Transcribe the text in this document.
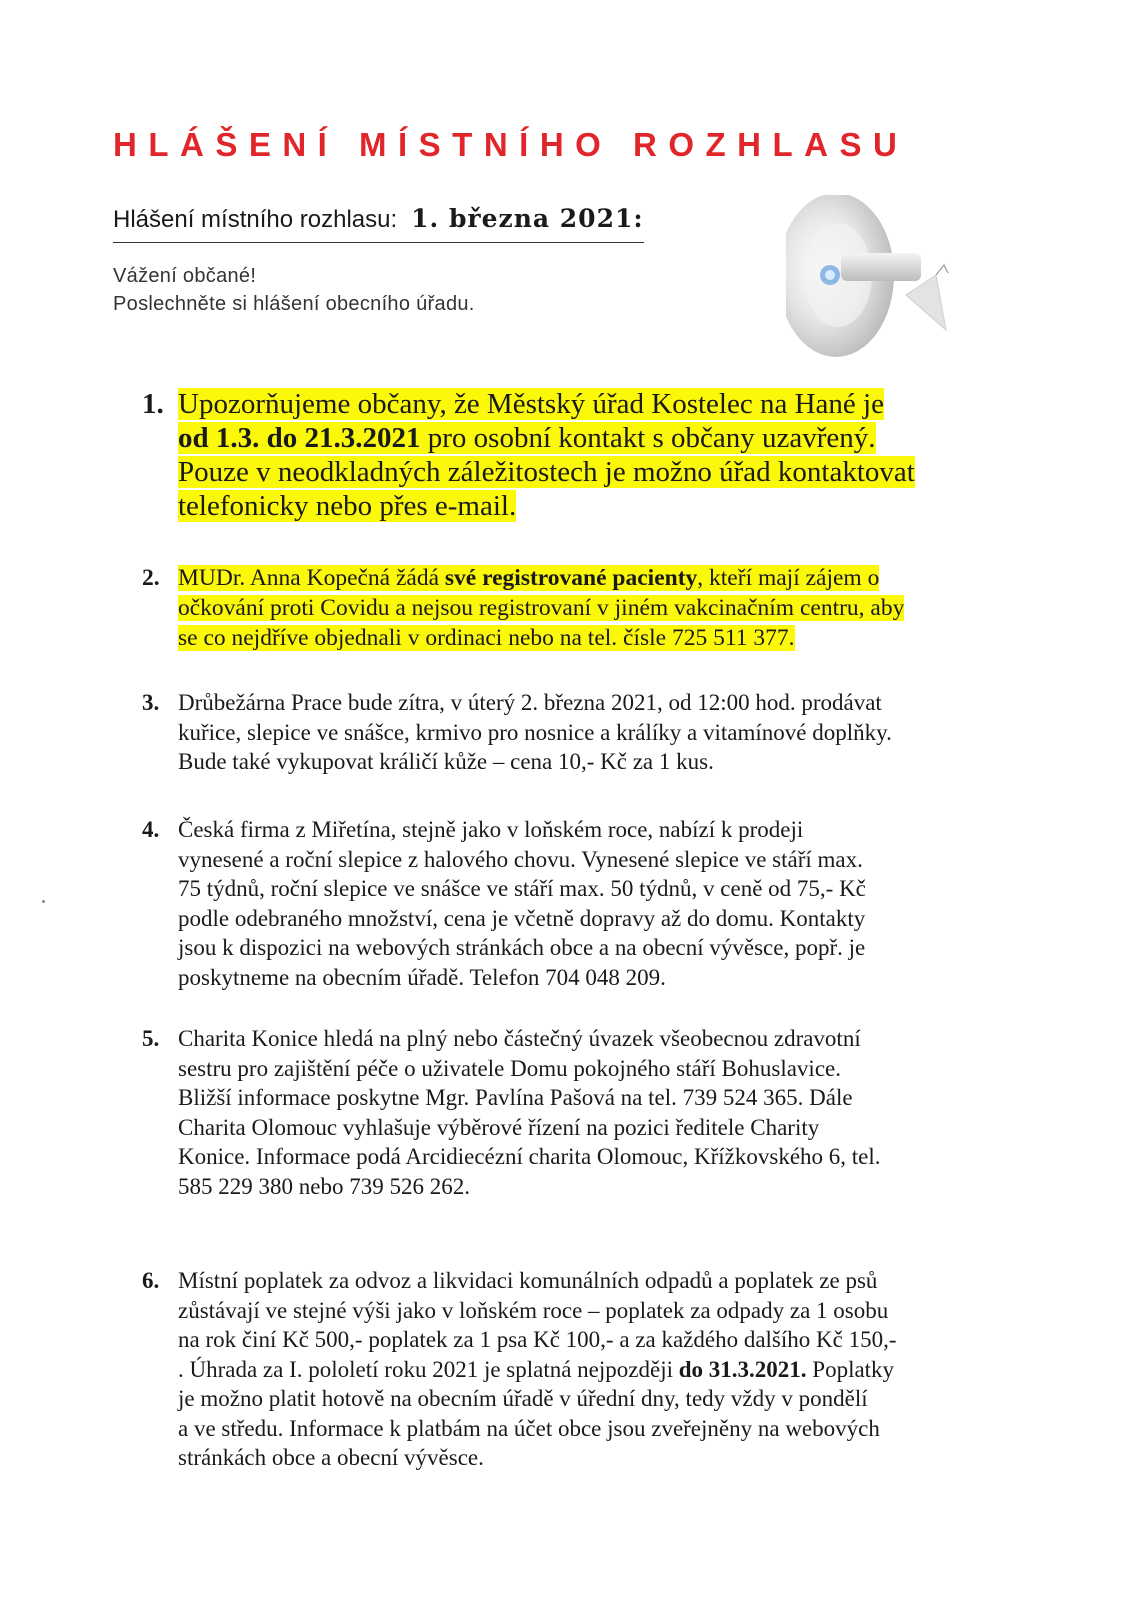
HLÁŠENÍ MÍSTNÍHO ROZHLASU
Hlášení místního rozhlasu: 1. března 2021:
Vážení občané!
Poslechněte si hlášení obecního úřadu.
1. Upozorňujeme občany, že Městský úřad Kostelec na Hané je
od 1.3. do 21.3.2021 pro osobní kontakt s občany uzavřený.
Pouze v neodkladných záležitostech je možno úřad kontaktovat
telefonicky nebo přes e-mail.
2. MUDr. Anna Kopečná žádá své registrované pacienty, kteří mají zájem o
očkování proti Covidu a nejsou registrovaní v jiném vakcinačním centru, aby
se co nejdříve objednali v ordinaci nebo na tel. čísle 725 511 377.
3. Drůbežárna Prace bude zítra, v úterý 2. března 2021, od 12:00 hod. prodávat
kuřice, slepice ve snášce, krmivo pro nosnice a králíky a vitamínové doplňky.
Bude také vykupovat králičí kůže – cena 10,- Kč za 1 kus.
4. Česká firma z Miřetína, stejně jako v loňském roce, nabízí k prodeji
vynesené a roční slepice z halového chovu. Vynesené slepice ve stáří max.
75 týdnů, roční slepice ve snášce ve stáří max. 50 týdnů, v ceně od 75,- Kč
podle odebraného množství, cena je včetně dopravy až do domu. Kontakty
jsou k dispozici na webových stránkách obce a na obecní vývěsce, popř. je
poskytneme na obecním úřadě. Telefon 704 048 209.
5. Charita Konice hledá na plný nebo částečný úvazek všeobecnou zdravotní
sestru pro zajištění péče o uživatele Domu pokojného stáří Bohuslavice.
Bližší informace poskytne Mgr. Pavlína Pašová na tel. 739 524 365. Dále
Charita Olomouc vyhlašuje výběrové řízení na pozici ředitele Charity
Konice. Informace podá Arcidiecézní charita Olomouc, Křížkovského 6, tel.
585 229 380 nebo 739 526 262.
6. Místní poplatek za odvoz a likvidaci komunálních odpadů a poplatek ze psů
zůstávají ve stejné výši jako v loňském roce – poplatek za odpady za 1 osobu
na rok činí Kč 500,- poplatek za 1 psa Kč 100,- a za každého dalšího Kč 150,-
. Úhrada za I. pololetí roku 2021 je splatná nejpozději do 31.3.2021. Poplatky
je možno platit hotově na obecním úřadě v úřední dny, tedy vždy v pondělí
a ve středu. Informace k platbám na účet obce jsou zveřejněny na webových
stránkách obce a obecní vývěsce.
